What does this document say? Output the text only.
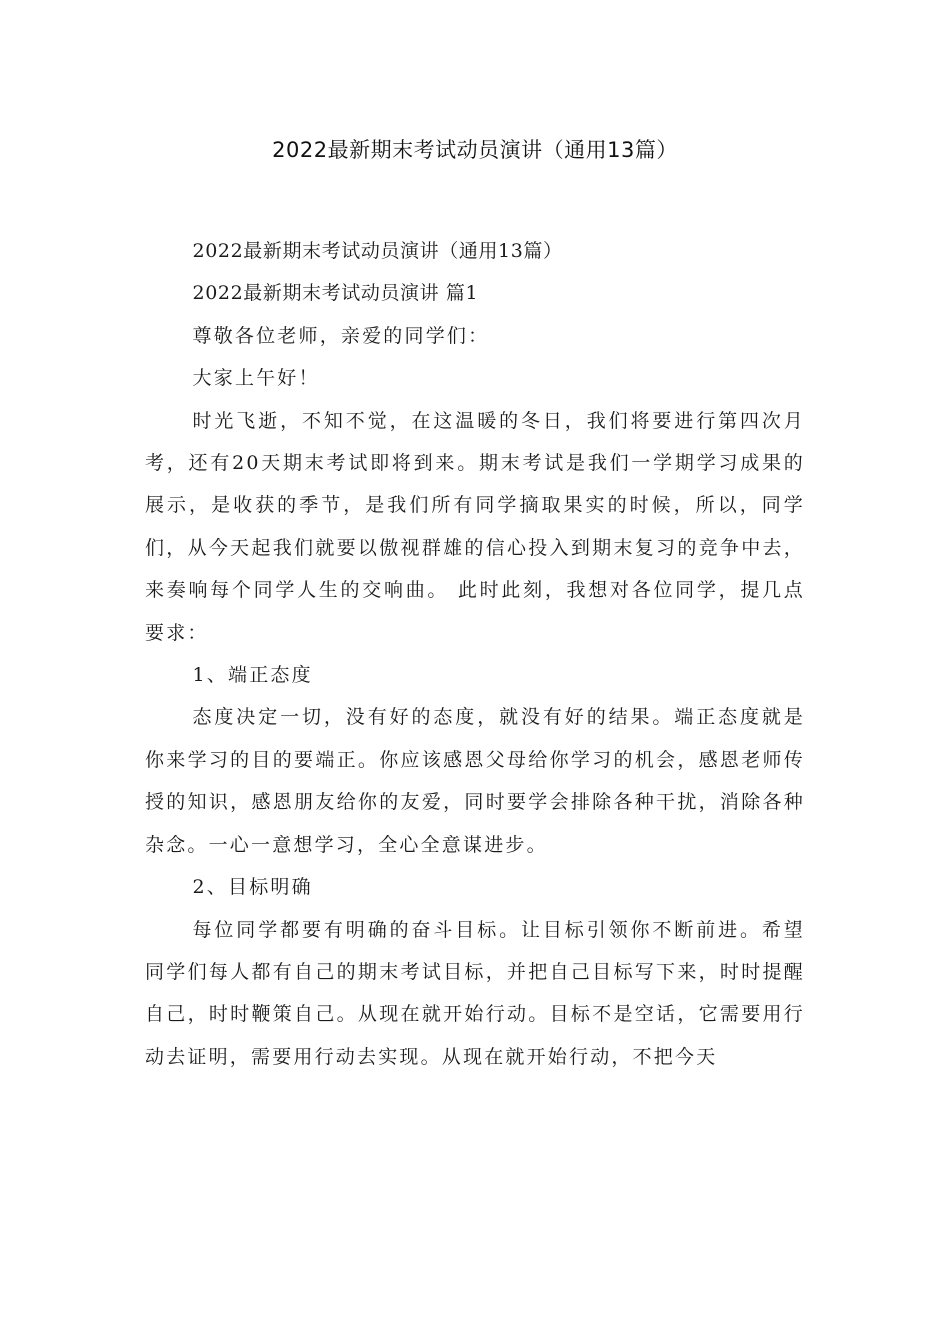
2022最新期末考试动员演讲（通用13篇）

2022最新期末考试动员演讲（通用13篇）

2022最新期末考试动员演讲 篇1

尊敬各位老师，亲爱的同学们：

大家上午好！

时光飞逝，不知不觉，在这温暖的冬日，我们将要进行第四次月考，还有20天期末考试即将到来。期末考试是我们一学期学习成果的展示，是收获的季节，是我们所有同学摘取果实的时候，所以，同学们，从今天起我们就要以傲视群雄的信心投入到期末复习的竞争中去，来奏响每个同学人生的交响曲。 此时此刻，我想对各位同学，提几点要求：

1、端正态度

态度决定一切，没有好的态度，就没有好的结果。端正态度就是你来学习的目的要端正。你应该感恩父母给你学习的机会，感恩老师传授的知识，感恩朋友给你的友爱，同时要学会排除各种干扰，消除各种杂念。一心一意想学习，全心全意谋进步。

2、目标明确

每位同学都要有明确的奋斗目标。让目标引领你不断前进。希望同学们每人都有自己的期末考试目标，并把自己目标写下来，时时提醒自己，时时鞭策自己。从现在就开始行动。目标不是空话，它需要用行动去证明，需要用行动去实现。从现在就开始行动，不把今天
